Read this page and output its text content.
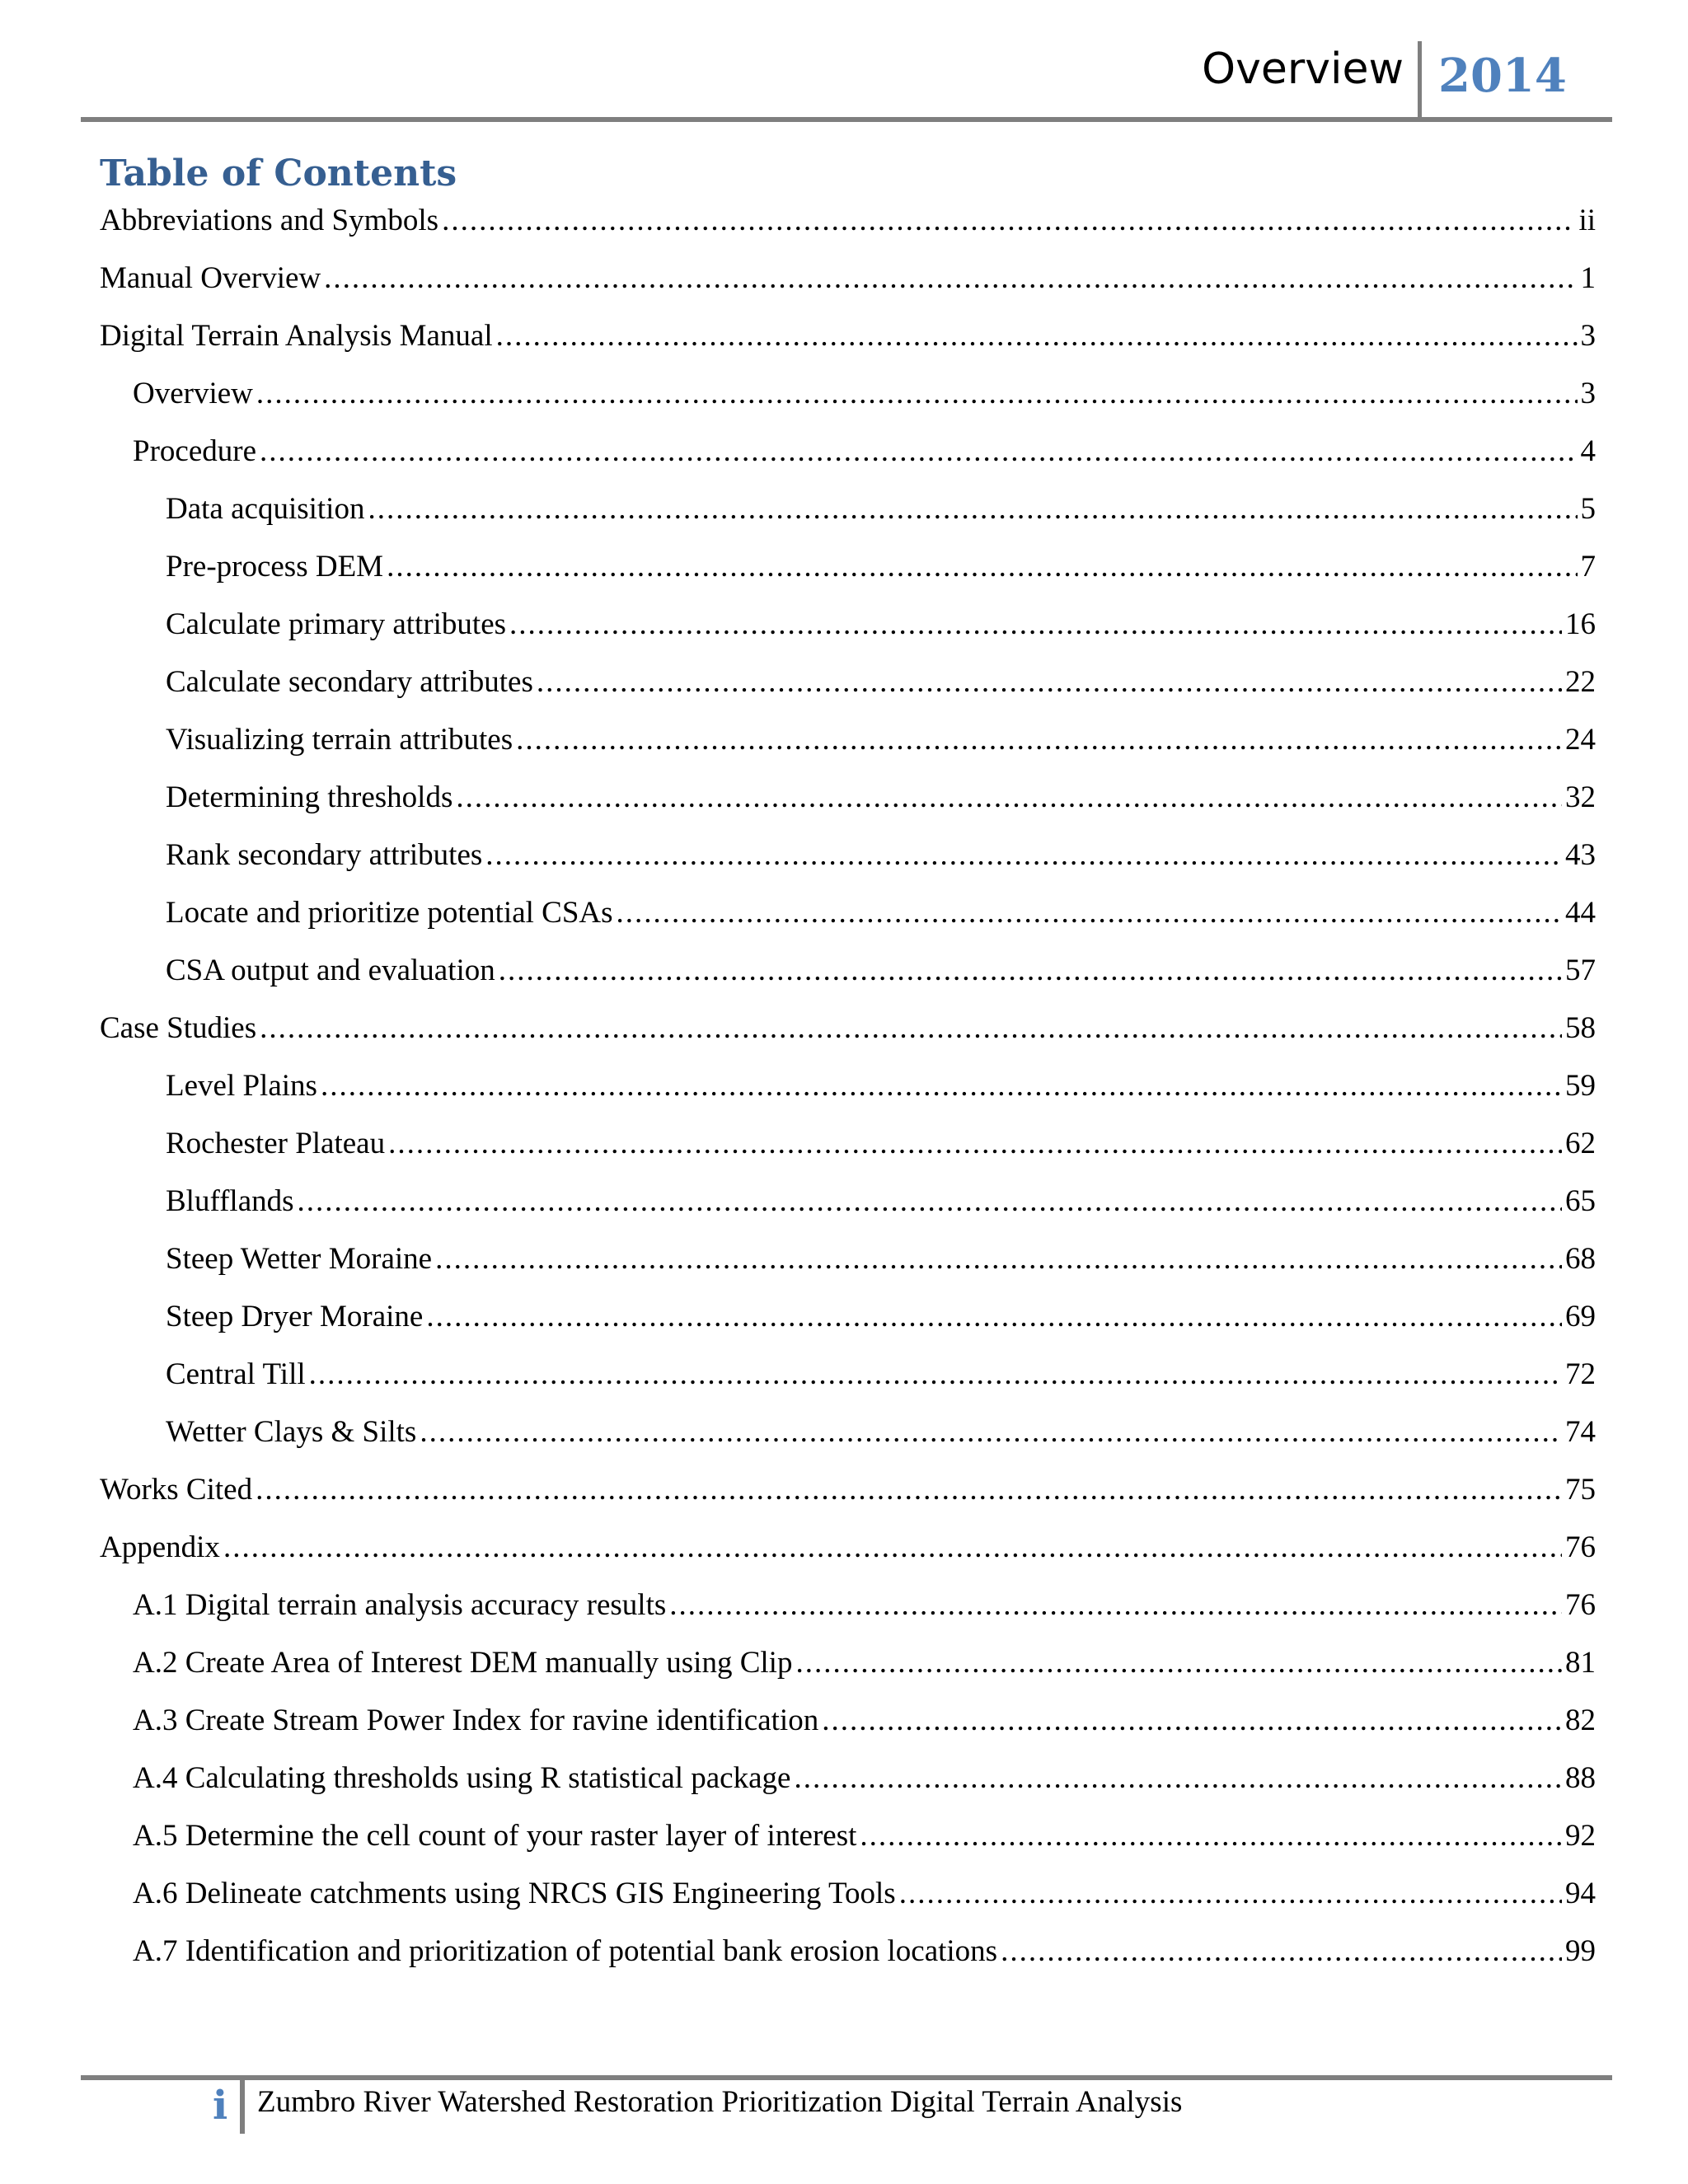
Overview 2014
Table of Contents
Abbreviations and Symbols .....	ii
Manual Overview .....	1
Digital Terrain Analysis Manual .....	3
Overview .....	3
Procedure .....	4
Data acquisition .....	5
Pre-process DEM .....	7
Calculate primary attributes .....	16
Calculate secondary attributes .....	22
Visualizing terrain attributes .....	24
Determining thresholds .....	32
Rank secondary attributes .....	43
Locate and prioritize potential CSAs .....	44
CSA output and evaluation .....	57
Case Studies .....	58
Level Plains .....	59
Rochester Plateau .....	62
Blufflands .....	65
Steep Wetter Moraine .....	68
Steep Dryer Moraine .....	69
Central Till .....	72
Wetter Clays & Silts .....	74
Works Cited .....	75
Appendix .....	76
A.1 Digital terrain analysis accuracy results .....	76
A.2 Create Area of Interest DEM manually using Clip .....	81
A.3 Create Stream Power Index for ravine identification .....	82
A.4 Calculating thresholds using R statistical package .....	88
A.5 Determine the cell count of your raster layer of interest .....	92
A.6 Delineate catchments using NRCS GIS Engineering Tools .....	94
A.7 Identification and prioritization of potential bank erosion locations .....	99
i Zumbro River Watershed Restoration Prioritization Digital Terrain Analysis
